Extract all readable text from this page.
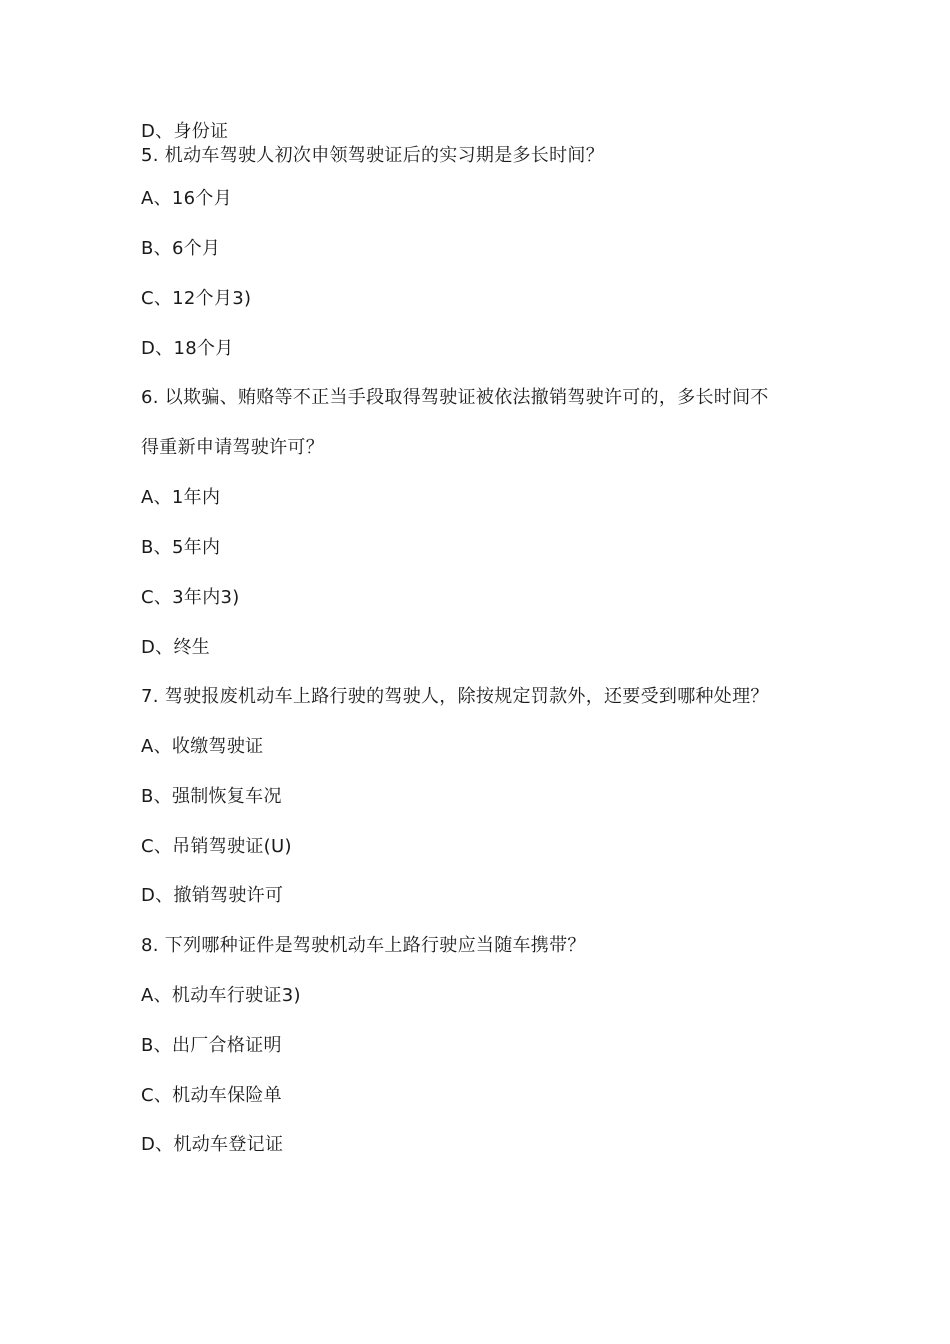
D、身份证
5. 机动车驾驶人初次申领驾驶证后的实习期是多长时间？
A、16个月
B、6个月
C、12个月3)
D、18个月
6. 以欺骗、贿赂等不正当手段取得驾驶证被依法撤销驾驶许可的，多长时间不
得重新申请驾驶许可？
A、1年内
B、5年内
C、3年内3)
D、终生
7. 驾驶报废机动车上路行驶的驾驶人，除按规定罚款外，还要受到哪种处理？
A、收缴驾驶证
B、强制恢复车况
C、吊销驾驶证(U)
D、撤销驾驶许可
8. 下列哪种证件是驾驶机动车上路行驶应当随车携带？
A、机动车行驶证3)
B、出厂合格证明
C、机动车保险单
D、机动车登记证
